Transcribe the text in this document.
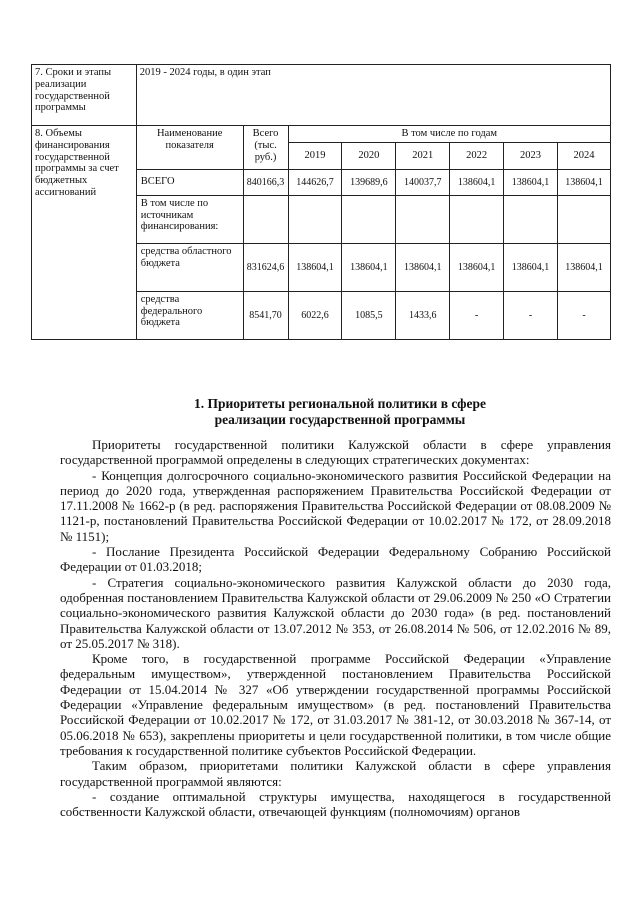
7. Сроки и этапы реализации государственной программы	2019 - 2024 годы, в один этап							
8. Объемы финансирования государственной программы за счет бюджетных ассигнований	Наименование показателя	Всего (тыс. руб.)	В том числе по годам					
			2019	2020	2021	2022	2023	2024
	ВСЕГО	840166,3	144626,7	139689,6	140037,7	138604,1	138604,1	138604,1
	В том числе по источникам финансирования:							
	средства областного бюджета	831624,6	138604,1	138604,1	138604,1	138604,1	138604,1	138604,1
	средства федерального бюджета	8541,70	6022,6	1085,5	1433,6	-	-	-
1. Приоритеты региональной политики в сфере
реализации государственной программы

Приоритеты государственной политики Калужской области в сфере управления государственной программой определены в следующих стратегических документах:

- Концепция долгосрочного социально-экономического развития Российской Федерации на период до 2020 года, утвержденная распоряжением Правительства Российской Федерации от 17.11.2008 № 1662-р (в ред. распоряжения Правительства Российской Федерации от 08.08.2009 № 1121-р, постановлений Правительства Российской Федерации от 10.02.2017 № 172, от 28.09.2018 № 1151);

- Послание Президента Российской Федерации Федеральному Собранию Российской Федерации от 01.03.2018;

- Стратегия социально-экономического развития Калужской области до 2030 года, одобренная постановлением Правительства Калужской области от 29.06.2009 № 250 «О Стратегии социально-экономического развития Калужской области до 2030 года» (в ред. постановлений Правительства Калужской области от 13.07.2012 № 353, от 26.08.2014 № 506, от 12.02.2016 № 89, от 25.05.2017 № 318).

Кроме того, в государственной программе Российской Федерации «Управление федеральным имуществом», утвержденной постановлением Правительства Российской Федерации от 15.04.2014 № 327 «Об утверждении государственной программы Российской Федерации «Управление федеральным имуществом» (в ред. постановлений Правительства Российской Федерации от 10.02.2017 № 172, от 31.03.2017 № 381-12, от 30.03.2018 № 367-14, от 05.06.2018 № 653), закреплены приоритеты и цели государственной политики, в том числе общие требования к государственной политике субъектов Российской Федерации.

Таким образом, приоритетами политики Калужской области в сфере управления государственной программой являются:

- создание оптимальной структуры имущества, находящегося в государственной собственности Калужской области, отвечающей функциям (полномочиям) органов
